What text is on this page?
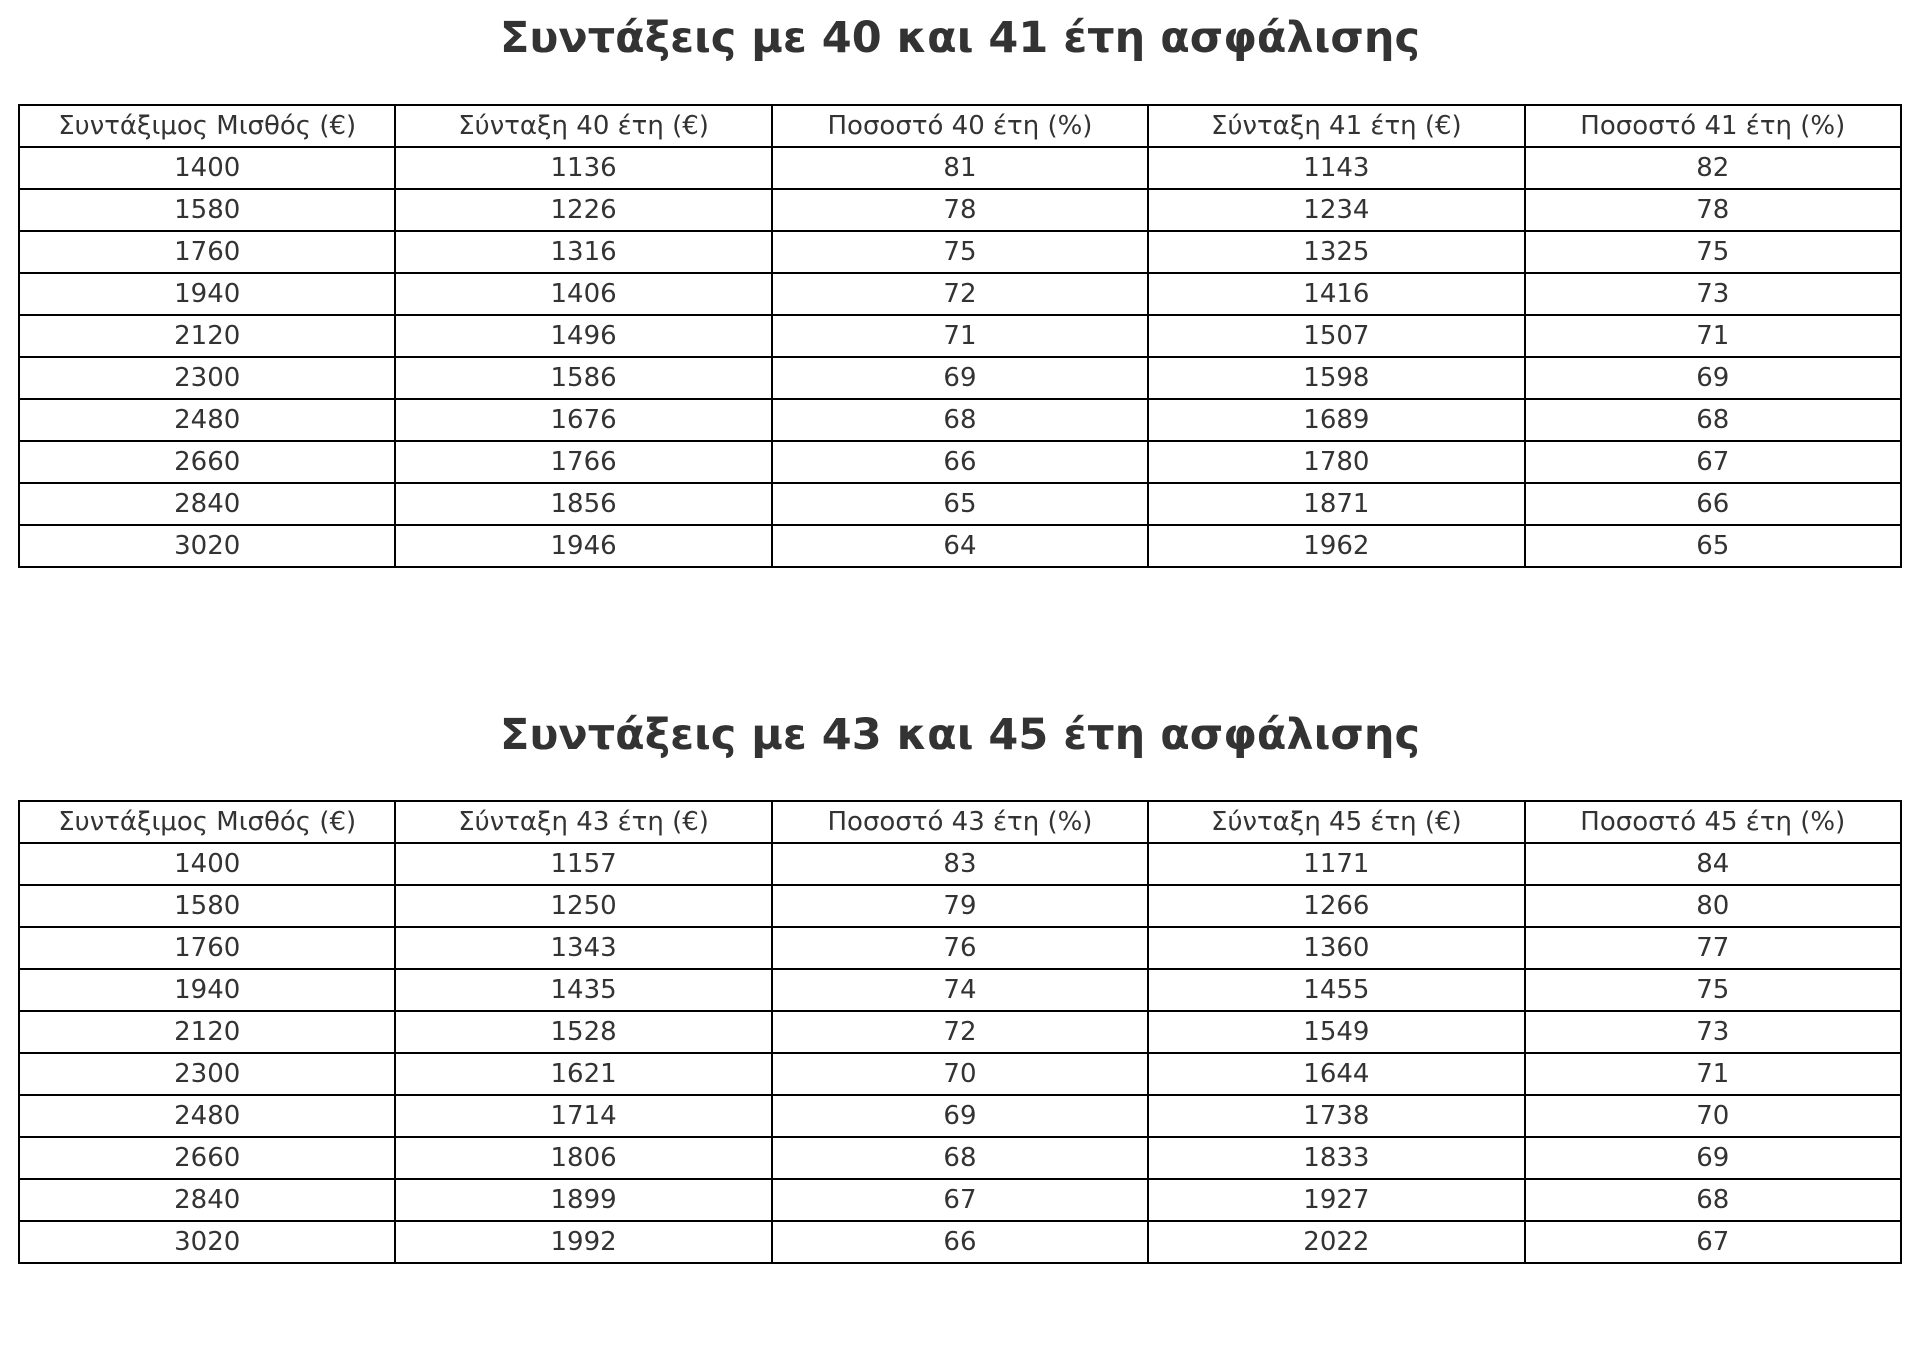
Συντάξεις με 40 και 41 έτη ασφάλισης
Συντάξιμος Μισθός (€)	Σύνταξη 40 έτη (€)	Ποσοστό 40 έτη (%)	Σύνταξη 41 έτη (€)	Ποσοστό 41 έτη (%)
1400	1136	81	1143	82
1580	1226	78	1234	78
1760	1316	75	1325	75
1940	1406	72	1416	73
2120	1496	71	1507	71
2300	1586	69	1598	69
2480	1676	68	1689	68
2660	1766	66	1780	67
2840	1856	65	1871	66
3020	1946	64	1962	65
Συντάξεις με 43 και 45 έτη ασφάλισης
Συντάξιμος Μισθός (€)	Σύνταξη 43 έτη (€)	Ποσοστό 43 έτη (%)	Σύνταξη 45 έτη (€)	Ποσοστό 45 έτη (%)
1400	1157	83	1171	84
1580	1250	79	1266	80
1760	1343	76	1360	77
1940	1435	74	1455	75
2120	1528	72	1549	73
2300	1621	70	1644	71
2480	1714	69	1738	70
2660	1806	68	1833	69
2840	1899	67	1927	68
3020	1992	66	2022	67
